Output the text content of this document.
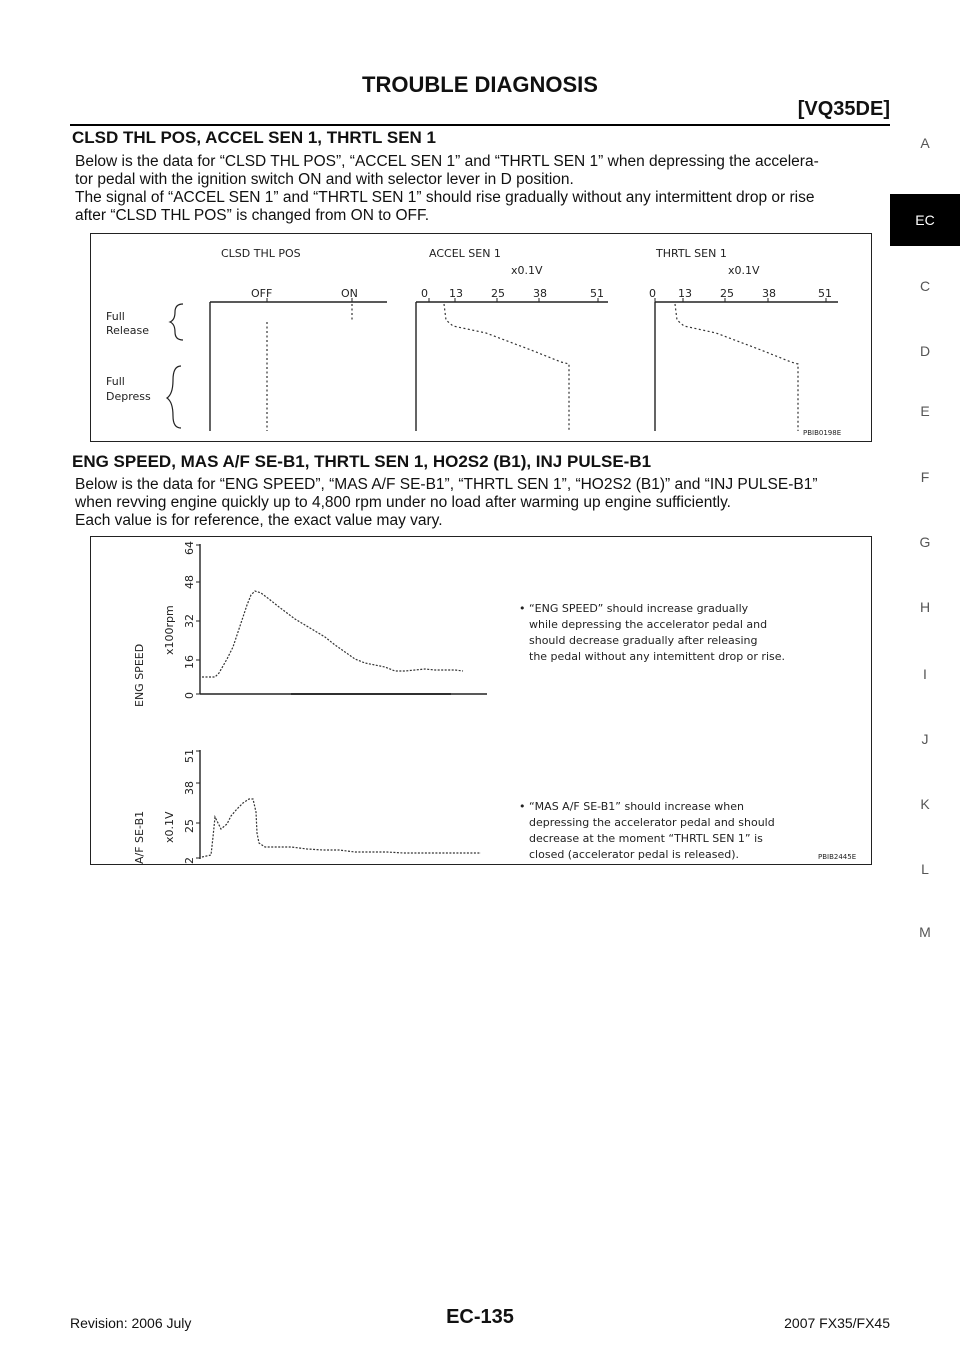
TROUBLE DIAGNOSIS
[VQ35DE]
A
EC
C
D
E
F
G
H
I
J
K
L
M
CLSD THL POS, ACCEL SEN 1, THRTL SEN 1
Below is the data for “CLSD THL POS”, “ACCEL SEN 1” and “THRTL SEN 1” when depressing the accelera-
tor pedal with the ignition switch ON and with selector lever in D position.
The signal of “ACCEL SEN 1” and “THRTL SEN 1” should rise gradually without any intermittent drop or rise
after “CLSD THL POS” is changed from ON to OFF.
CLSD THL POS	ACCEL SEN 1	THRTL SEN 1
x0.1V	x0.1V
OFF	ON	0 13	25	38	51	0 13	25	38	51
Full
Release
Full
Depress
PBIB0198E
ENG SPEED, MAS A/F SE-B1, THRTL SEN 1, HO2S2 (B1), INJ PULSE-B1
Below is the data for “ENG SPEED”, “MAS A/F SE-B1”, “THRTL SEN 1”, “HO2S2 (B1)” and “INJ PULSE-B1”
when revving engine quickly up to 4,800 rpm under no load after warming up engine sufficiently.
Each value is for reference, the exact value may vary.
ENG SPEED
x100rpm
0
16
32
48
64
A/F SE-B1 x0.1V
2
25
38
51
• “ENG SPEED” should increase gradually
while depressing the accelerator pedal and
should decrease gradually after releasing
the pedal without any intemittent drop or rise.
• “MAS A/F SE-B1” should increase when
depressing the accelerator pedal and should
decrease at the moment “THRTL SEN 1” is
closed (accelerator pedal is released).	PBIB2445E
Revision: 2006 July	EC-135	2007 FX35/FX45
